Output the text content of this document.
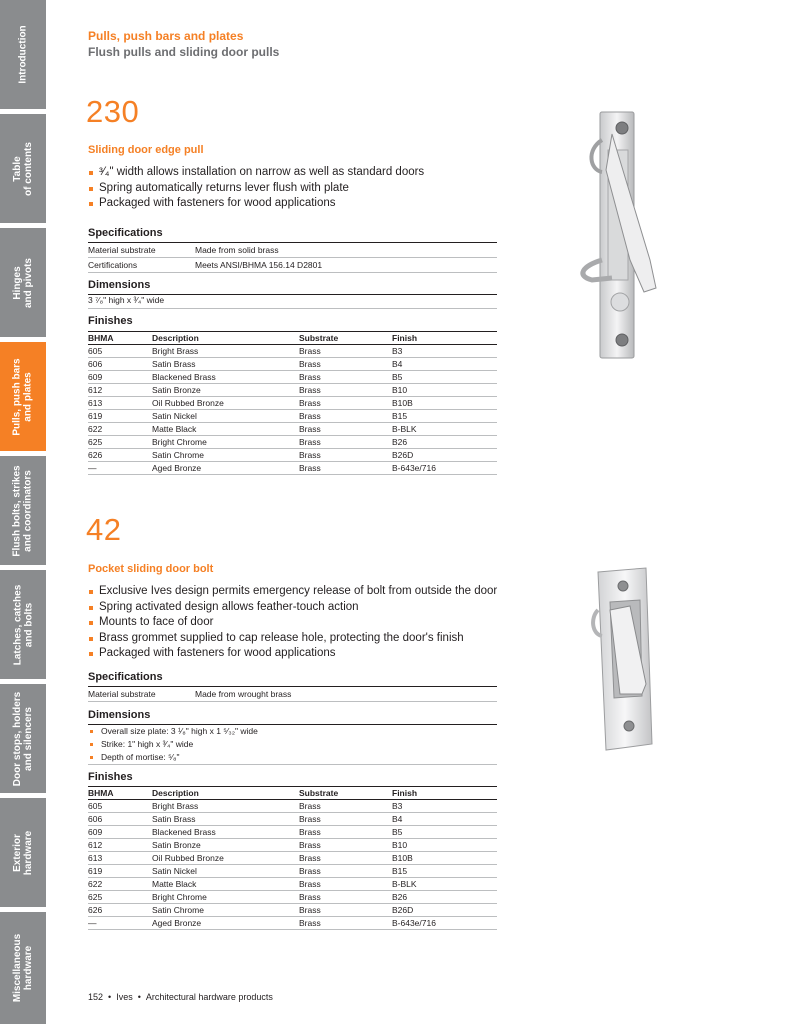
Introduction
Table of contents
Hinges and pivots
Pulls, push bars and plates
Flush bolts, strikes and coordinators
Latches, catches and bolts
Door stops, holders and silencers
Exterior hardware
Miscellaneous hardware
Pulls, push bars and plates
Flush pulls and sliding door pulls
230
Sliding door edge pull
³⁄₄" width allows installation on narrow as well as standard doors
Spring automatically returns lever flush with plate
Packaged with fasteners for wood applications
Specifications
Material substrate	Made from solid brass
Certifications	Meets ANSI/BHMA 156.14 D2801
Dimensions
3 ⁷⁄₈" high x ³⁄₄" wide
Finishes
BHMA	Description	Substrate	Finish
605	Bright Brass	Brass	B3
606	Satin Brass	Brass	B4
609	Blackened Brass	Brass	B5
612	Satin Bronze	Brass	B10
613	Oil Rubbed Bronze	Brass	B10B
619	Satin Nickel	Brass	B15
622	Matte Black	Brass	B-BLK
625	Bright Chrome	Brass	B26
626	Satin Chrome	Brass	B26D
—	Aged Bronze	Brass	B-643e/716
42
Pocket sliding door bolt
Exclusive Ives design permits emergency release of bolt from outside the door
Spring activated design allows feather-touch action
Mounts to face of door
Brass grommet supplied to cap release hole, protecting the door's finish
Packaged with fasteners for wood applications
Specifications
Material substrate	Made from wrought brass
Dimensions
Overall size plate: 3 ¹⁄₈" high x 1 ⁵⁄₃₂" wide
Strike: 1" high x ³⁄₄" wide
Depth of mortise: ⁵⁄₈"
Finishes
BHMA	Description	Substrate	Finish
605	Bright Brass	Brass	B3
606	Satin Brass	Brass	B4
609	Blackened Brass	Brass	B5
612	Satin Bronze	Brass	B10
613	Oil Rubbed Bronze	Brass	B10B
619	Satin Nickel	Brass	B15
622	Matte Black	Brass	B-BLK
625	Bright Chrome	Brass	B26
626	Satin Chrome	Brass	B26D
—	Aged Bronze	Brass	B-643e/716
152 • Ives • Architectural hardware products
